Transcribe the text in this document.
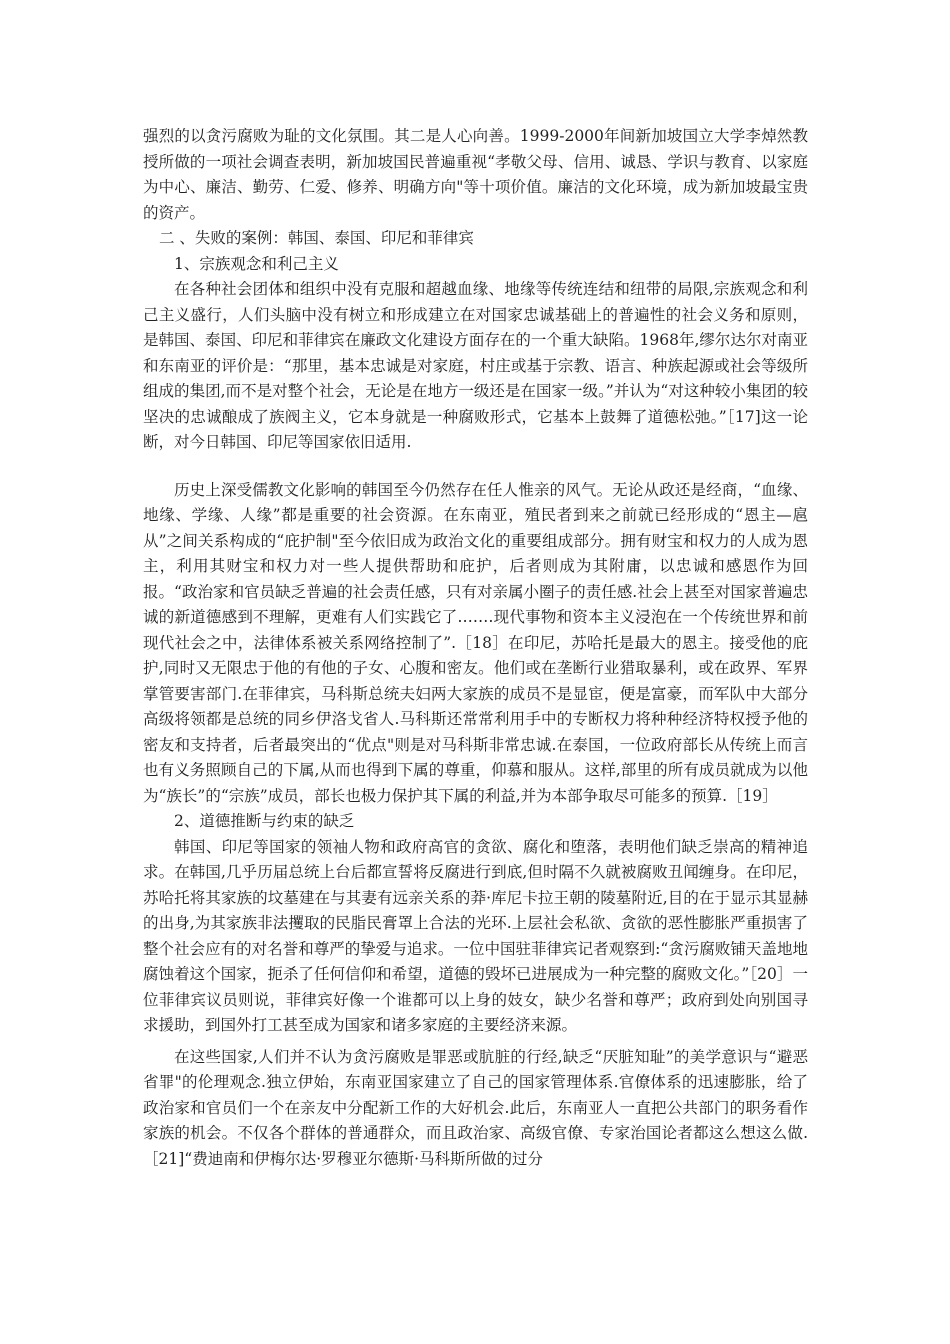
强烈的以贪污腐败为耻的文化氛围。其二是人心向善。1999-2000年间新加坡国立大学李焯然教授所做的一项社会调查表明，新加坡国民普遍重视“孝敬父母、信用、诚恳、学识与教育、以家庭为中心、廉洁、勤劳、仁爱、修养、明确方向"等十项价值。廉洁的文化环境，成为新加坡最宝贵的资产。

二 、失败的案例：韩国、泰国、印尼和菲律宾

1、宗族观念和利己主义

在各种社会团体和组织中没有克服和超越血缘、地缘等传统连结和纽带的局限,宗族观念和利己主义盛行，人们头脑中没有树立和形成建立在对国家忠诚基础上的普遍性的社会义务和原则， 是韩国、泰国、印尼和菲律宾在廉政文化建设方面存在的一个重大缺陷。1968年,缪尔达尔对南亚和东南亚的评价是：“那里，基本忠诚是对家庭，村庄或基于宗教、语言、种族起源或社会等级所组成的集团,而不是对整个社会，无论是在地方一级还是在国家一级。”并认为“对这种较小集团的较坚决的忠诚酿成了族阀主义，它本身就是一种腐败形式，它基本上鼓舞了道德松弛。”［17]这一论断，对今日韩国、印尼等国家依旧适用.

历史上深受儒教文化影响的韩国至今仍然存在任人惟亲的风气。无论从政还是经商，“血缘、地缘、学缘、人缘”都是重要的社会资源。在东南亚，殖民者到来之前就已经形成的“恩主—扈从”之间关系构成的“庇护制"至今依旧成为政治文化的重要组成部分。拥有财宝和权力的人成为恩主，利用其财宝和权力对一些人提供帮助和庇护，后者则成为其附庸，以忠诚和感恩作为回报。“政治家和官员缺乏普遍的社会责任感，只有对亲属小圈子的责任感.社会上甚至对国家普遍忠诚的新道德感到不理解，更难有人们实践它了.……现代事物和资本主义浸泡在一个传统世界和前现代社会之中，法律体系被关系网络控制了”.［18］在印尼，苏哈托是最大的恩主。接受他的庇护,同时又无限忠于他的有他的子女、心腹和密友。他们或在垄断行业猎取暴利，或在政界、军界掌管要害部门.在菲律宾，马科斯总统夫妇两大家族的成员不是显宦，便是富豪，而军队中大部分高级将领都是总统的同乡伊洛戈省人.马科斯还常常利用手中的专断权力将种种经济特权授予他的密友和支持者，后者最突出的“优点"则是对马科斯非常忠诚.在泰国，一位政府部长从传统上而言也有义务照顾自己的下属,从而也得到下属的尊重，仰慕和服从。这样,部里的所有成员就成为以他为“族长”的“宗族”成员，部长也极力保护其下属的利益,并为本部争取尽可能多的预算.［19］

2、道德推断与约束的缺乏

韩国、印尼等国家的领袖人物和政府高官的贪欲、腐化和堕落，表明他们缺乏崇高的精神追求。在韩国,几乎历届总统上台后都宣誓将反腐进行到底,但时隔不久就被腐败丑闻缠身。在印尼，苏哈托将其家族的坟墓建在与其妻有远亲关系的莽·库尼卡拉王朝的陵墓附近,目的在于显示其显赫的出身,为其家族非法攫取的民脂民膏罩上合法的光环.上层社会私欲、贪欲的恶性膨胀严重损害了整个社会应有的对名誉和尊严的挚爱与追求。一位中国驻菲律宾记者观察到:“贪污腐败铺天盖地地腐蚀着这个国家，扼杀了任何信仰和希望，道德的毁坏已进展成为一种完整的腐败文化。”［20］一位菲律宾议员则说，菲律宾好像一个谁都可以上身的妓女，缺少名誉和尊严；政府到处向别国寻求援助，到国外打工甚至成为国家和诸多家庭的主要经济来源。

在这些国家,人们并不认为贪污腐败是罪恶或肮脏的行经,缺乏“厌脏知耻”的美学意识与“避恶省罪"的伦理观念.独立伊始，东南亚国家建立了自己的国家管理体系.官僚体系的迅速膨胀，给了政治家和官员们一个在亲友中分配新工作的大好机会.此后，东南亚人一直把公共部门的职务看作家族的机会。不仅各个群体的普通群众，而且政治家、高级官僚、专家治国论者都这么想这么做.［21]“费迪南和伊梅尔达·罗穆亚尔德斯·马科斯所做的过分
